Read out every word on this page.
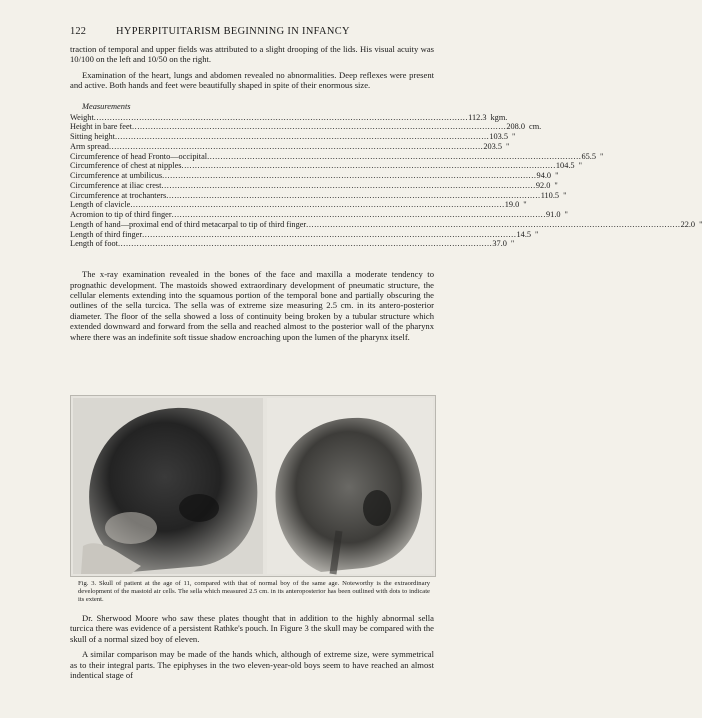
122	HYPERPITUITARISM BEGINNING IN INFANCY

traction of temporal and upper fields was attributed to a slight drooping of the lids. His visual acuity was 10/100 on the left and 10/50 on the right.

Examination of the heart, lungs and abdomen revealed no abnormalities. Deep reflexes were present and active. Both hands and feet were beautifully shaped in spite of their enormous size.

Measurements
Weight ............................................................................................................................................ 112.3 kgm.
Height in bare feet ............................................................................................................................................ 208.0 cm.
Sitting height ............................................................................................................................................ 103.5 "
Arm spread ............................................................................................................................................ 203.5 "
Circumference of head Fronto—occipital ............................................................................................................................................ 65.5 "
Circumference of chest at nipples ............................................................................................................................................ 104.5 "
Circumference at umbilicus ............................................................................................................................................ 94.0 "
Circumference at iliac crest ............................................................................................................................................ 92.0 "
Circumference at trochanters ............................................................................................................................................ 110.5 "
Length of clavicle ............................................................................................................................................ 19.0 "
Acromion to tip of third finger ............................................................................................................................................ 91.0 "
Length of hand—proximal end of third metacarpal to tip of third finger ............................................................................................................................................ 22.0
Length of third finger ............................................................................................................................................ 14.5 "
Length of foot ............................................................................................................................................ 37.0 "

The x-ray examination revealed in the bones of the face and maxilla a moderate tendency to prognathic development. The mastoids showed extraordinary development of pneumatic structure, the cellular elements extending into the squamous portion of the temporal bone and partially obscuring the outlines of the sella turcica. The sella was of extreme size measuring 2.5 cm. in its antero-posterior diameter. The floor of the sella showed a loss of continuity being broken by a tubular structure which extended downward and forward from the sella and reached almost to the posterior wall of the pharynx where there was an indefinite soft tissue shadow encroaching upon the lumen of the pharynx itself.

Fig. 3. Skull of patient at the age of 11, compared with that of normal boy of the same age. Noteworthy is the extraordinary development of the mastoid air cells. The sella which measured 2.5 cm. in its anteroposterior has been outlined with dots to indicate its extent.

Dr. Sherwood Moore who saw these plates thought that in addition to the highly abnormal sella turcica there was evidence of a persistent Rathke's pouch. In Figure 3 the skull may be compared with the skull of a normal sized boy of eleven.

A similar comparison may be made of the hands which, although of extreme size, were symmetrical as to their integral parts. The epiphyses in the two eleven-year-old boys seem to have reached an almost indentical stage of
